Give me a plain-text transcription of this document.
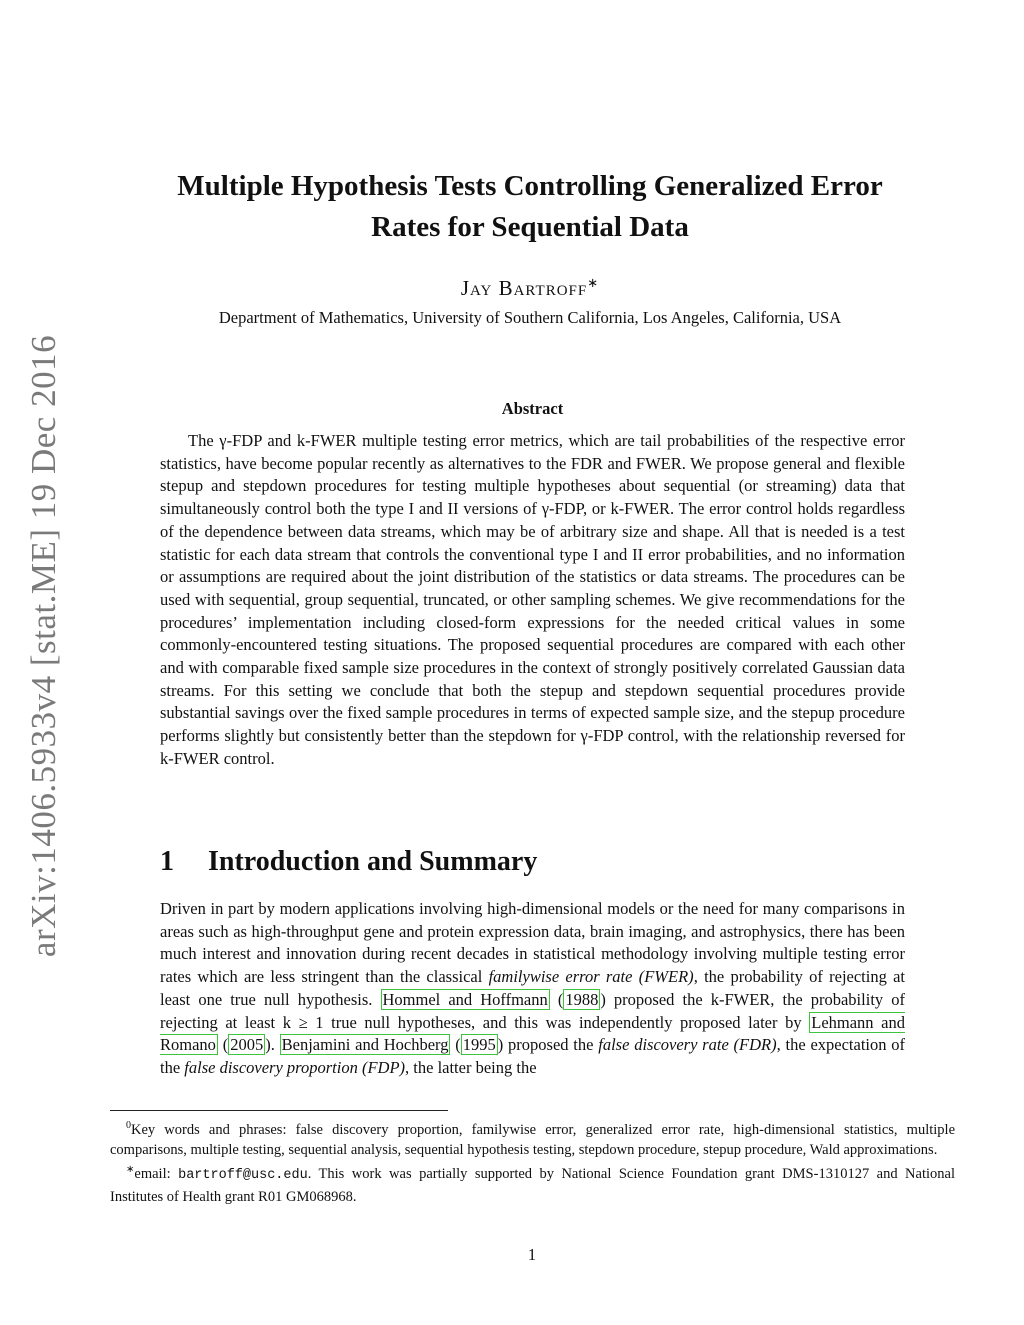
arXiv:1406.5933v4 [stat.ME] 19 Dec 2016
Multiple Hypothesis Tests Controlling Generalized Error
Rates for Sequential Data
Jay Bartroff∗
Department of Mathematics, University of Southern California, Los Angeles, California, USA
Abstract

The γ-FDP and k-FWER multiple testing error metrics, which are tail probabilities of the respective error statistics, have become popular recently as alternatives to the FDR and FWER. We propose general and flexible stepup and stepdown procedures for testing multiple hypotheses about sequential (or streaming) data that simultaneously control both the type I and II versions of γ-FDP, or k-FWER. The error control holds regardless of the dependence between data streams, which may be of arbitrary size and shape. All that is needed is a test statistic for each data stream that controls the conventional type I and II error probabilities, and no information or assumptions are required about the joint distribution of the statistics or data streams. The procedures can be used with sequential, group sequential, truncated, or other sampling schemes. We give recommendations for the procedures’ implementation including closed-form expressions for the needed critical values in some commonly-encountered testing situations. The proposed sequential procedures are compared with each other and with comparable fixed sample size procedures in the context of strongly positively correlated Gaussian data streams. For this setting we conclude that both the stepup and stepdown sequential procedures provide substantial savings over the fixed sample procedures in terms of expected sample size, and the stepup procedure performs slightly but consistently better than the stepdown for γ-FDP control, with the relationship reversed for k-FWER control.

1 Introduction and Summary

Driven in part by modern applications involving high-dimensional models or the need for many comparisons in areas such as high-throughput gene and protein expression data, brain imaging, and astrophysics, there has been much interest and innovation during recent decades in statistical methodology involving multiple testing error rates which are less stringent than the classical familywise error rate (FWER), the probability of rejecting at least one true null hypothesis. Hommel and Hoffmann ( 1988 ) proposed the k-FWER, the probability of rejecting at least k ≥ 1 true null hypotheses, and this was independently proposed later by Lehmann and Romano ( 2005 ). Benjamini and Hochberg ( 1995 ) proposed the false discovery rate (FDR), the expectation of the false discovery proportion (FDP), the latter being the

$^0$Key words and phrases: false discovery proportion, familywise error, generalized error rate, high-dimensional statistics, multiple comparisons, multiple testing, sequential analysis, sequential hypothesis testing, stepdown procedure, stepup procedure, Wald approximations.

∗email: bartroff@usc.edu. This work was partially supported by National Science Foundation grant DMS-1310127 and National Institutes of Health grant R01 GM068968.

1
